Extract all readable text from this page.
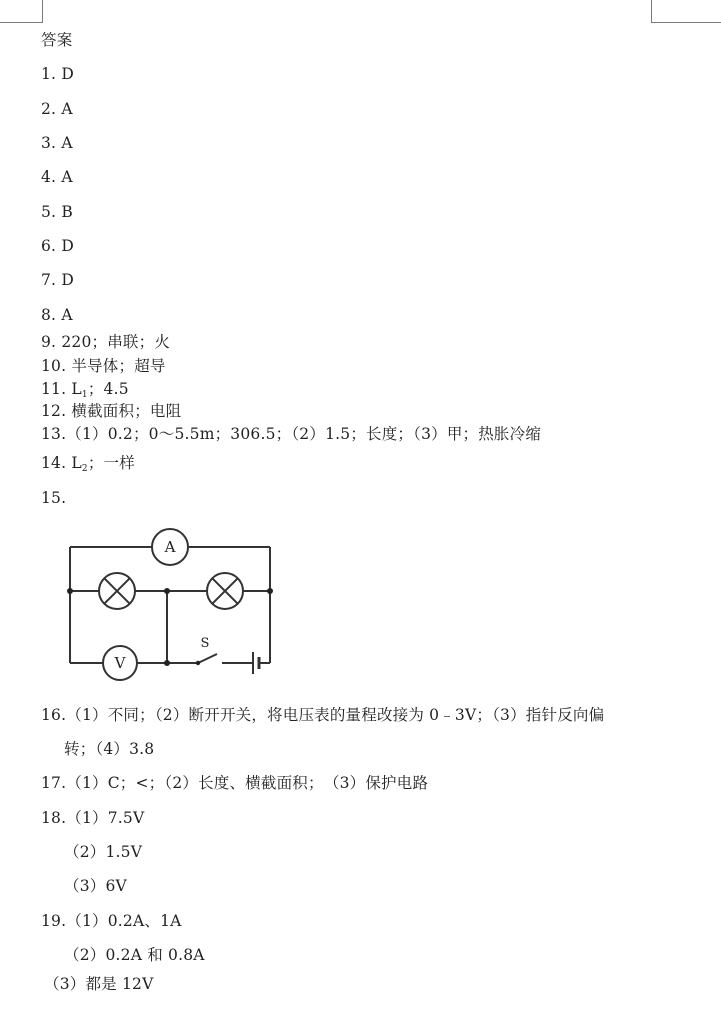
答案
1. D
2. A
3. A
4. A
5. B
6. D
7. D
8. A
9. 220；串联；火
10. 半导体；超导
11. $L_1$；4.5
12. 横截面积；电阻
13.（1）0.2；0～5.5m；306.5；（2）1.5；长度；（3）甲；热胀冷缩
14. $L_2$；一样
15.
A
V
S
16.（1）不同；（2）断开开关，将电压表的量程改接为 0﹣3V；（3）指针反向偏
转；（4）3.8
17.（1）C；<；（2）长度、横截面积；　（3）保护电路
18.（1）7.5V
（2）1.5V
（3）6V
19.（1）0.2A、1A
（2）0.2A 和 0.8A
（3）都是 12V
